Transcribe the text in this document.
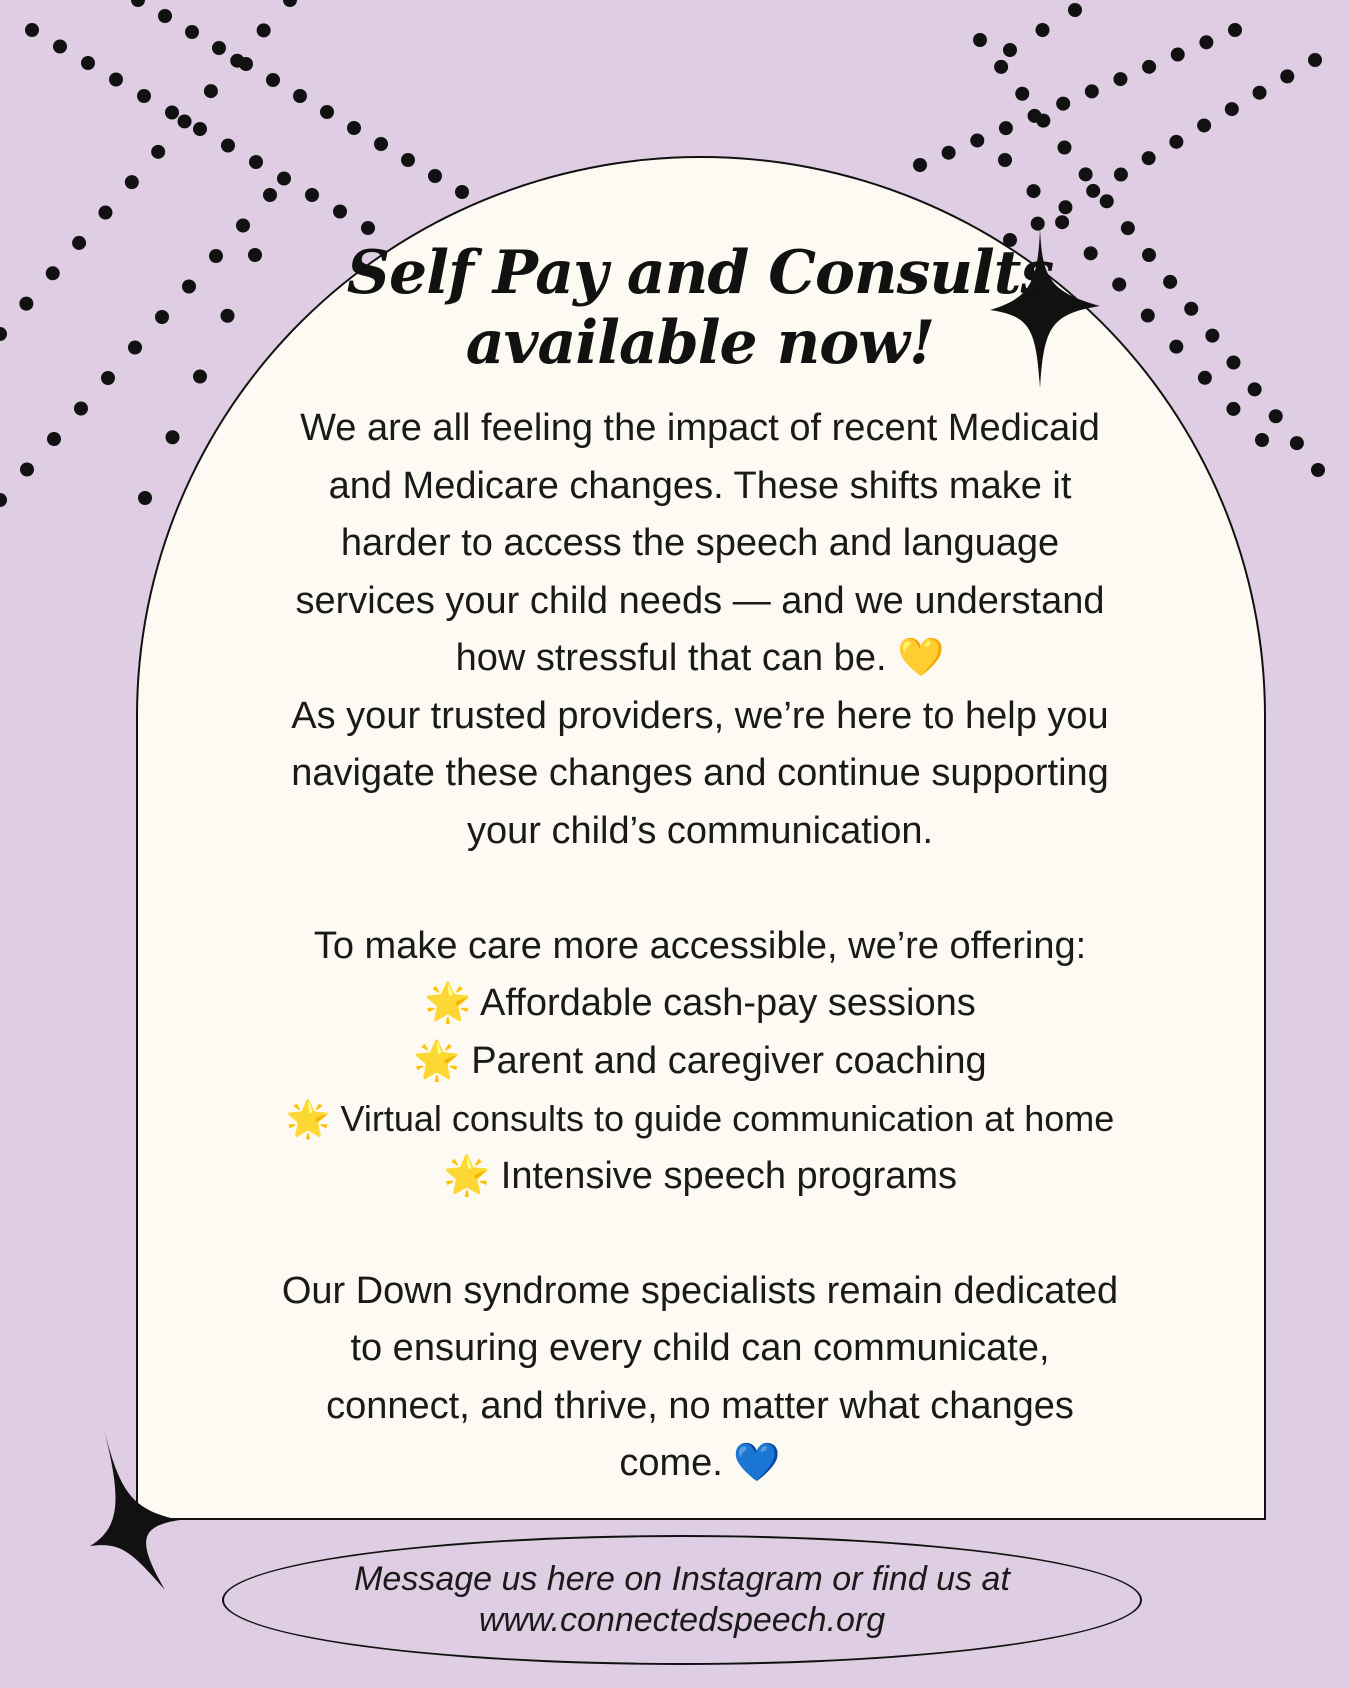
Self Pay and Consults
available now!

We are all feeling the impact of recent Medicaid

and Medicare changes. These shifts make it

harder to access the speech and language

services your child needs — and we understand

how stressful that can be. 💛

As your trusted providers, we’re here to help you

navigate these changes and continue supporting

your child’s communication.

To make care more accessible, we’re offering:

🌟 Affordable cash-pay sessions

🌟 Parent and caregiver coaching

🌟 Virtual consults to guide communication at home

🌟 Intensive speech programs

Our Down syndrome specialists remain dedicated

to ensuring every child can communicate,

connect, and thrive, no matter what changes

come. 💙

Message us here on Instagram or find us at

www.connectedspeech.org
